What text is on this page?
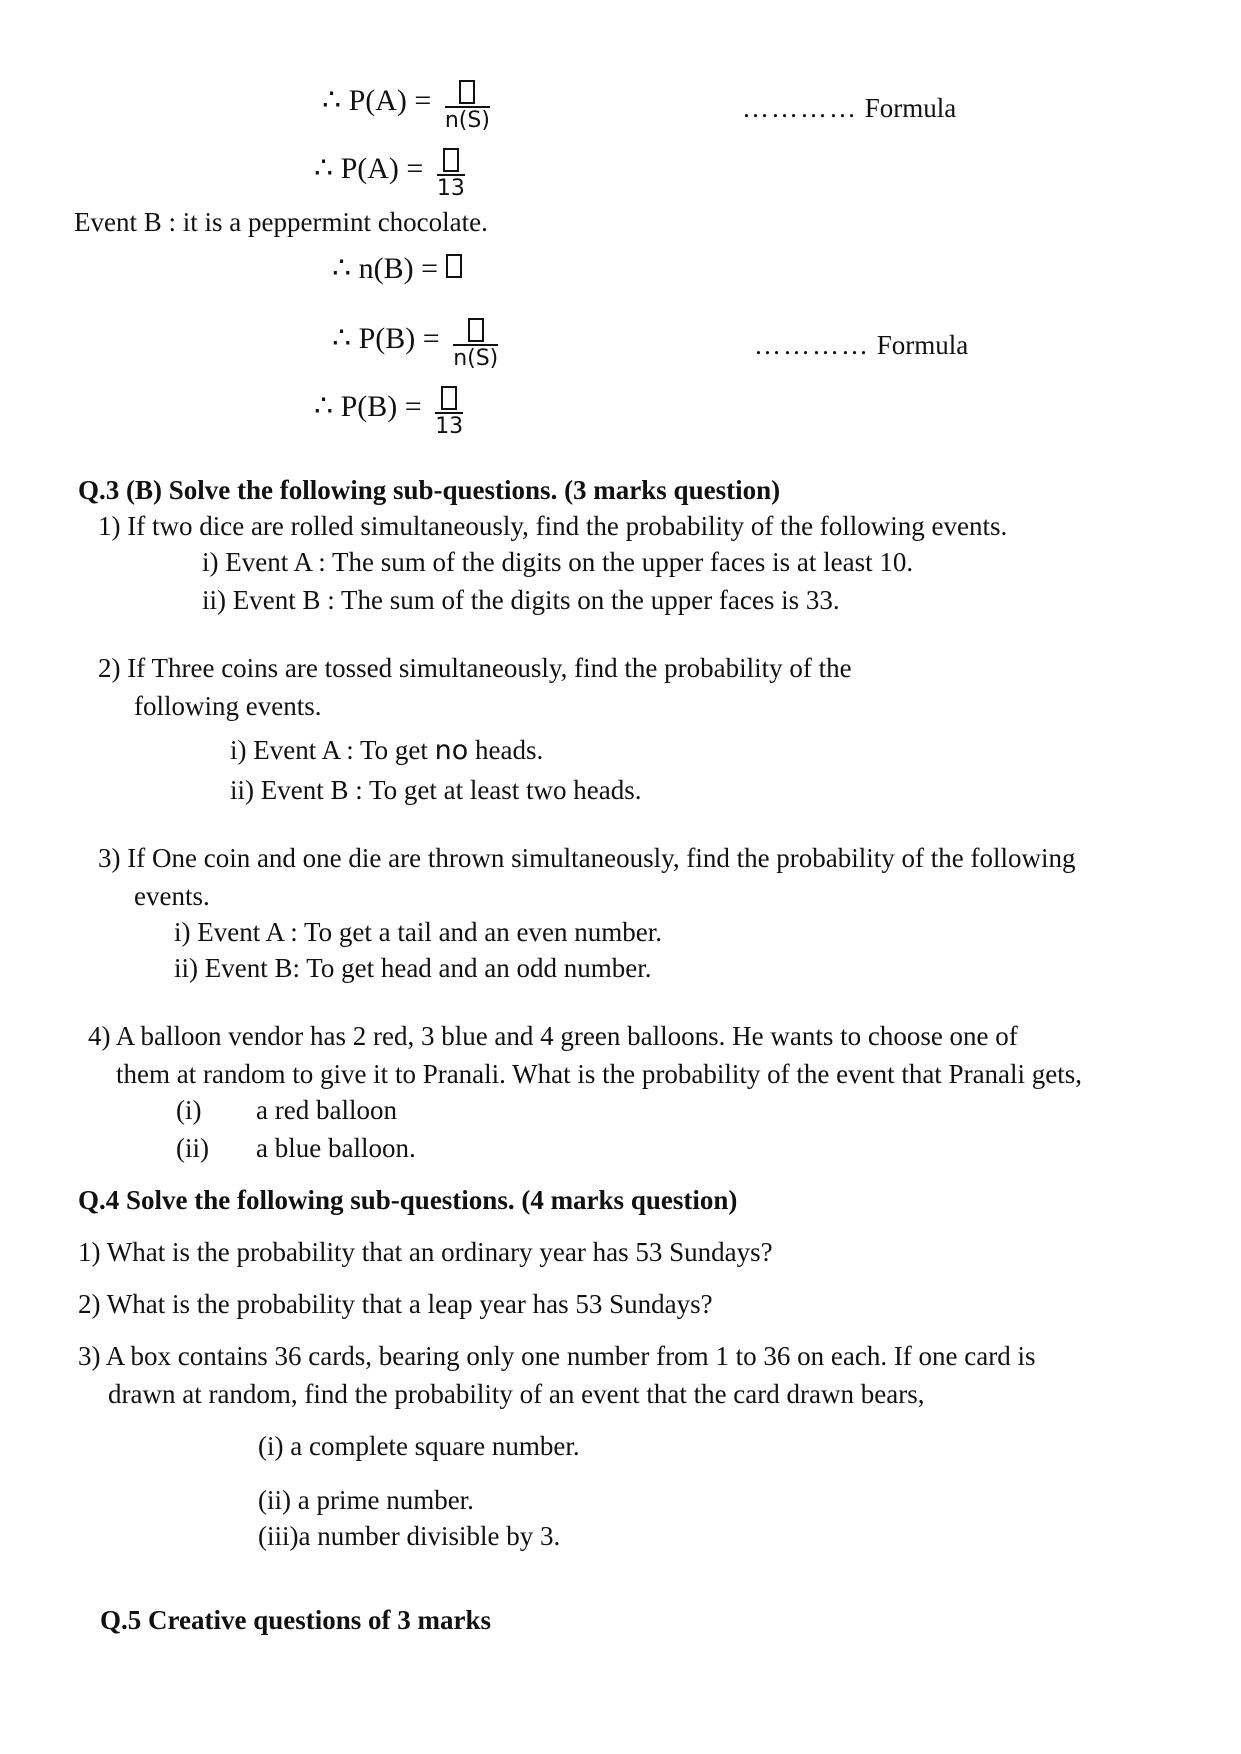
∴ P(A) =
n(S)	………… Formula
∴ P(A) =
13
Event B : it is a peppermint chocolate.
∴ n(B) =
∴ P(B) =
n(S)	………… Formula
∴ P(B) =
13
Q.3 (B) Solve the following sub-questions. (3 marks question)
1) If two dice are rolled simultaneously, find the probability of the following events.
i) Event A : The sum of the digits on the upper faces is at least 10.
ii) Event B : The sum of the digits on the upper faces is 33.
2) If Three coins are tossed simultaneously, find the probability of the
following events.
i) Event A : To get no heads.
ii) Event B : To get at least two heads.
3) If One coin and one die are thrown simultaneously, find the probability of the following
events.
i) Event A : To get a tail and an even number.
ii) Event B: To get head and an odd number.
4) A balloon vendor has 2 red, 3 blue and 4 green balloons. He wants to choose one of
them at random to give it to Pranali. What is the probability of the event that Pranali gets,
(i) a red balloon
(ii) a blue balloon.
Q.4 Solve the following sub-questions. (4 marks question)
1) What is the probability that an ordinary year has 53 Sundays?
2) What is the probability that a leap year has 53 Sundays?
3) A box contains 36 cards, bearing only one number from 1 to 36 on each. If one card is
drawn at random, find the probability of an event that the card drawn bears,
(i) a complete square number.
(ii) a prime number.
(iii)a number divisible by 3.
Q.5 Creative questions of 3 marks
